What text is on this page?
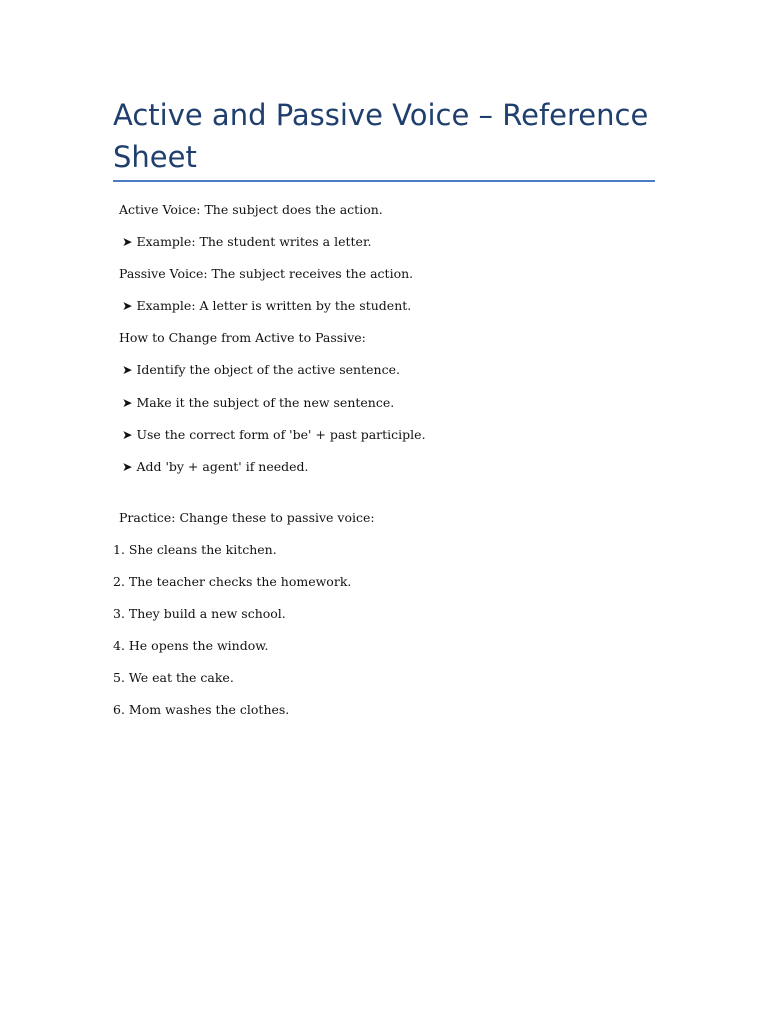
Active and Passive Voice – Reference Sheet

Active Voice: The subject does the action.

➤ Example: The student writes a letter.

Passive Voice: The subject receives the action.

➤ Example: A letter is written by the student.

How to Change from Active to Passive:

➤ Identify the object of the active sentence.

➤ Make it the subject of the new sentence.

➤ Use the correct form of 'be' + past participle.

➤ Add 'by + agent' if needed.

Practice: Change these to passive voice:

1. She cleans the kitchen.

2. The teacher checks the homework.

3. They build a new school.

4. He opens the window.

5. We eat the cake.

6. Mom washes the clothes.
